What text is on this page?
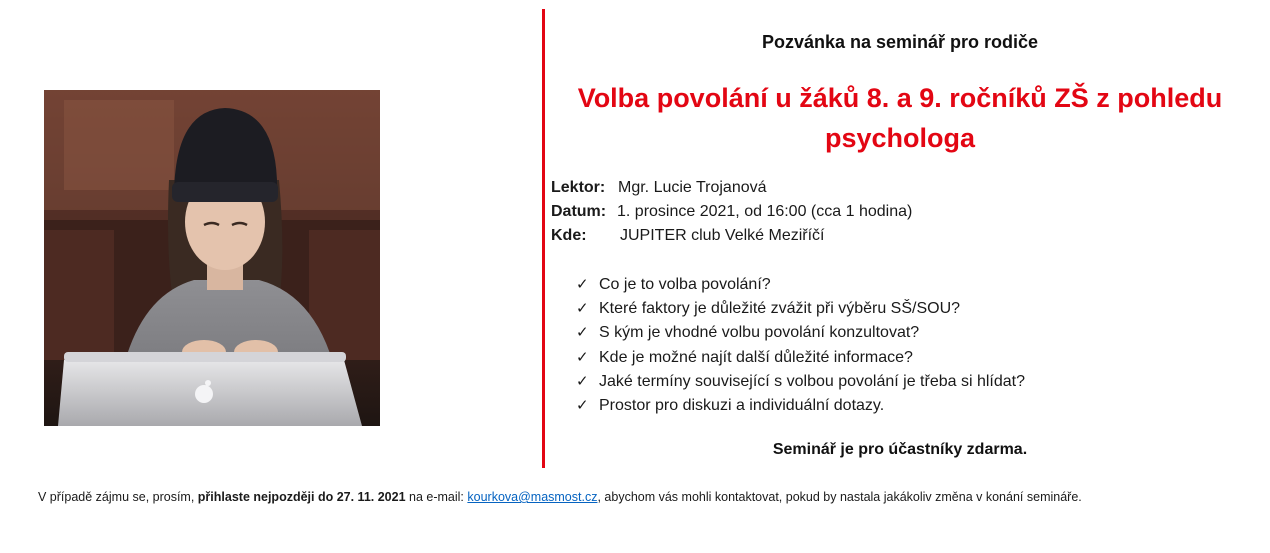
Pozvánka na seminář pro rodiče
Volba povolání u žáků 8. a 9. ročníků ZŠ z pohledu
psychologa
Lektor: Mgr. Lucie Trojanová
Datum: 1. prosince 2021, od 16:00 (cca 1 hodina)
Kde:	JUPITER club Velké Meziříčí
✓ Co je to volba povolání?
✓ Které faktory je důležité zvážit při výběru SŠ/SOU?
✓ S kým je vhodné volbu povolání konzultovat?
✓ Kde je možné najít další důležité informace?
✓ Jaké termíny související s volbou povolání je třeba si hlídat?
✓ Prostor pro diskuzi a individuální dotazy.
Seminář je pro účastníky zdarma.
V případě zájmu se, prosím, přihlaste nejpozději do 27. 11. 2021 na e-mail: kourkova@masmost.cz, abychom vás mohli kontaktovat, pokud by nastala jakákoliv změna v konání semináře.
